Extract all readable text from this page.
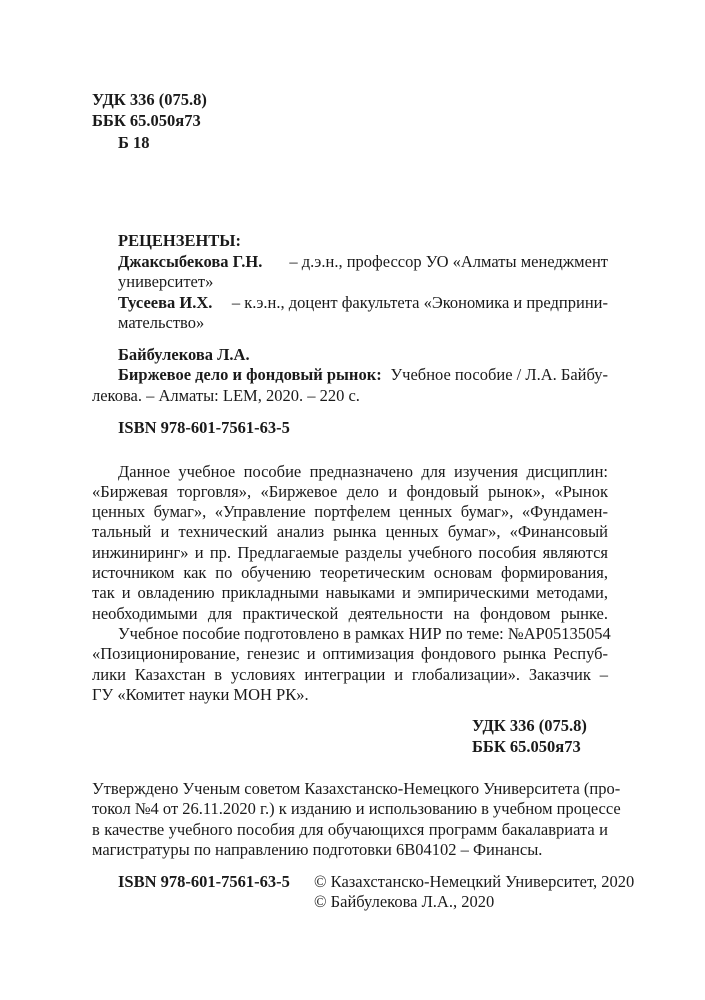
УДК 336 (075.8)
ББК 65.050я73
Б 18
РЕЦЕНЗЕНТЫ:
Джаксыбекова Г.Н. – д.э.н., профессор УО «Алматы менеджмент
университет»
Тусеева И.Х. – к.э.н., доцент факультета «Экономика и предприни-
мательство»
Байбулекова Л.А.
Биржевое дело и фондовый рынок: Учебное пособие / Л.А. Байбу-
лекова. – Алматы: LEM, 2020. – 220 с.
ISBN 978-601-7561-63-5
Данное учебное пособие предназначено для изучения дисциплин:
«Биржевая торговля», «Биржевое дело и фондовый рынок», «Рынок
ценных бумаг», «Управление портфелем ценных бумаг», «Фундамен-
тальный и технический анализ рынка ценных бумаг», «Финансовый
инжиниринг» и пр. Предлагаемые разделы учебного пособия являются
источником как по обучению теоретическим основам формирования,
так и овладению прикладными навыками и эмпирическими методами,
необходимыми для практической деятельности на фондовом рынке.
Учебное пособие подготовлено в рамках НИР по теме: №АР05135054
«Позиционирование, генезис и оптимизация фондового рынка Респуб-
лики Казахстан в условиях интеграции и глобализации». Заказчик –
ГУ «Комитет науки МОН РК».
УДК 336 (075.8)
ББК 65.050я73
Утверждено Ученым советом Казахстанско-Немецкого Университета (про-
токол №4 от 26.11.2020 г.) к изданию и использованию в учебном процессе
в качестве учебного пособия для обучающихся программ бакалавриата и
магистратуры по направлению подготовки 6В04102 – Финансы.
ISBN 978-601-7561-63-5 © Казахстанско-Немецкий Университет, 2020
© Байбулекова Л.А., 2020
